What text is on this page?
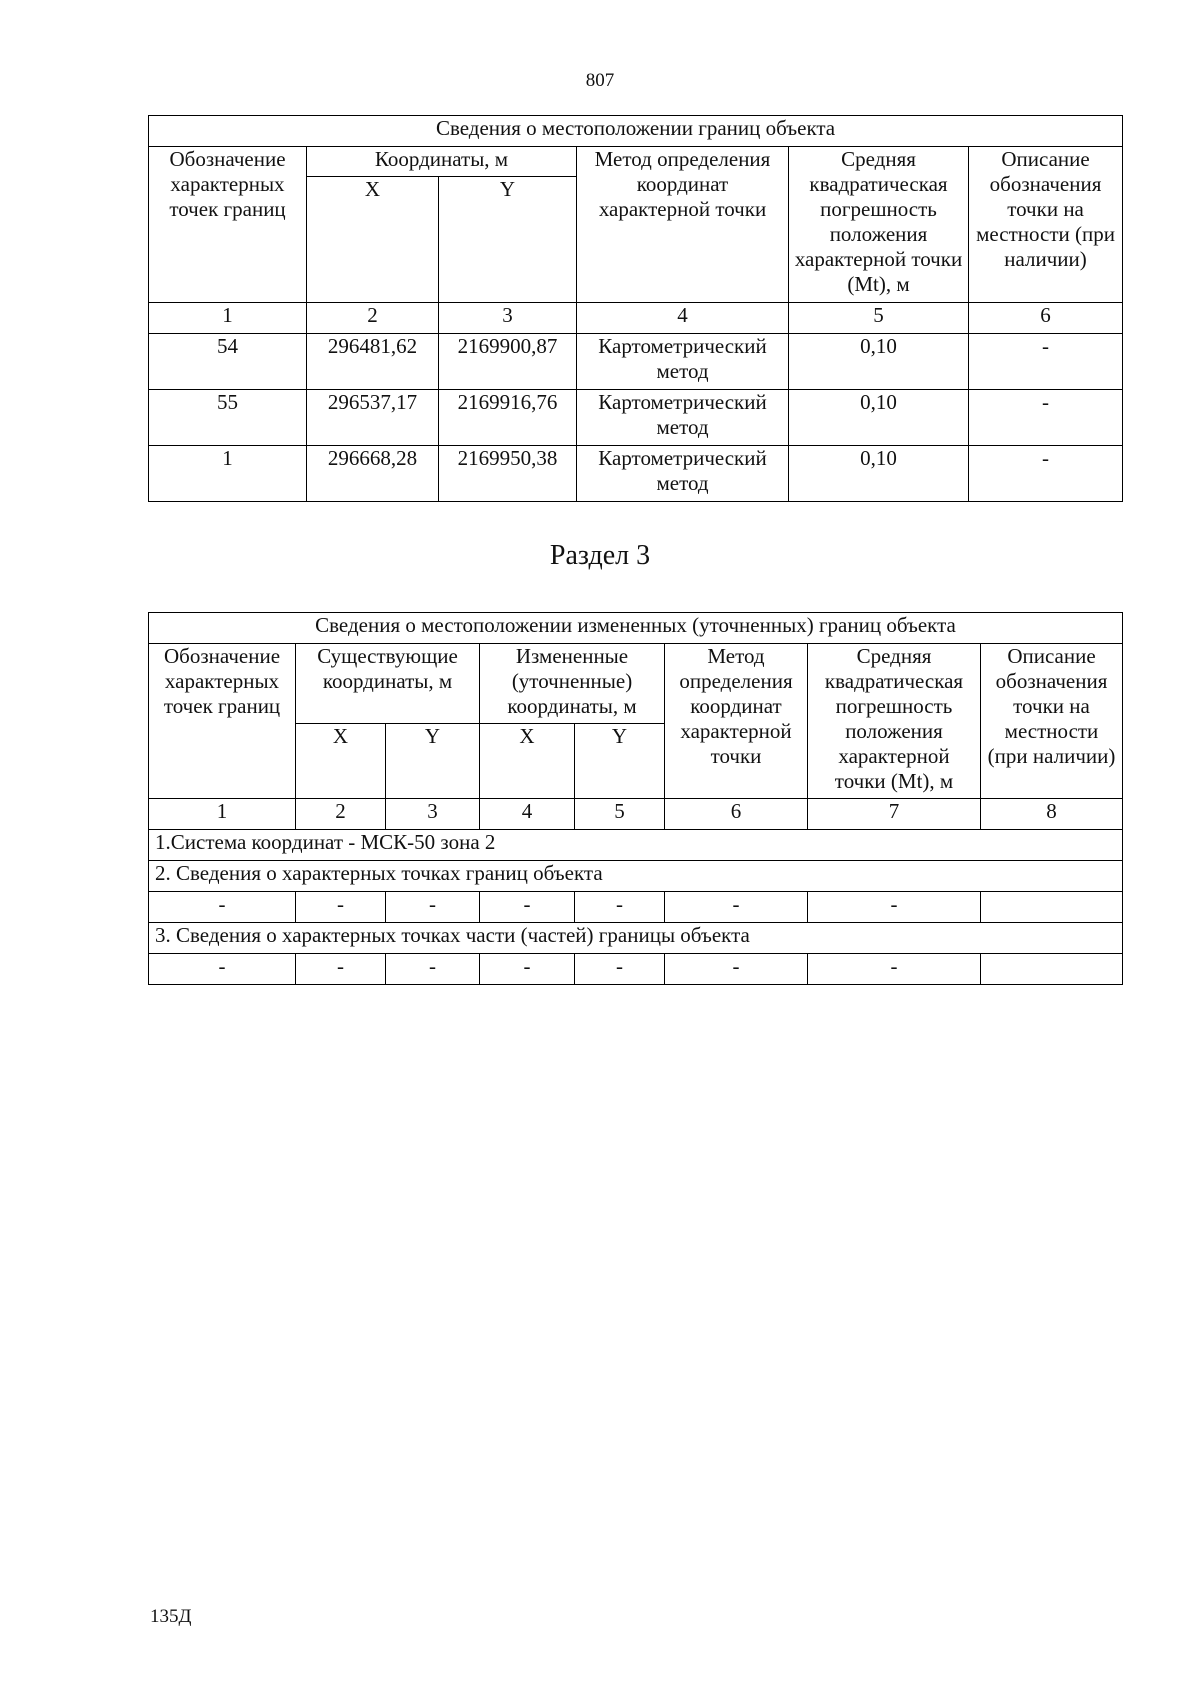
807
Сведения о местоположении границ объекта					
Обозначение характерных точек границ	Координаты, м		Метод определения координат характерной точки	Средняя квадратическая погрешность положения характерной точки (Mt), м	Описание обозначения точки на местности (при наличии)
	X	Y			
1	2	3	4	5	6
54	296481,62	2169900,87	Картометрический метод	0,10	-
55	296537,17	2169916,76	Картометрический метод	0,10	-
1	296668,28	2169950,38	Картометрический метод	0,10	-
Раздел 3
Сведения о местоположении измененных (уточненных) границ объекта							
Обозначение характерных точек границ	Существующие координаты, м		Измененные (уточненные) координаты, м		Метод определения координат характерной точки	Средняя квадратическая погрешность положения характерной точки (Mt), м	Описание обозначения точки на местности (при наличии)
	X	Y	X	Y			
1	2	3	4	5	6	7	8
1.Система координат - МСК-50 зона 2							
2. Сведения о характерных точках границ объекта							
-	-	-	-	-	-	-	
3. Сведения о характерных точках части (частей) границы объекта							
-	-	-	-	-	-	-	
135Д
